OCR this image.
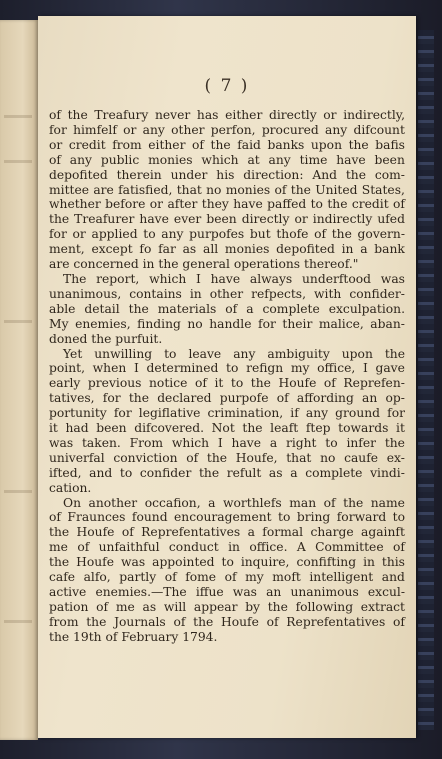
( 7 )
of the Treafury never has either directly or indirectly,
for himfelf or any other perfon, procured any difcount
or credit from either of the faid banks upon the bafis
of any public monies which at any time have been
depofited therein under his direction: And the com-
mittee are fatisfied, that no monies of the United States,
whether before or after they have paffed to the credit of
the Treafurer have ever been directly or indirectly ufed
for or applied to any purpofes but thofe of the govern-
ment, except fo far as all monies depofited in a bank
are concerned in the general operations thereof."
The report, which I have always underftood was
unanimous, contains in other refpects, with confider-
able detail the materials of a complete exculpation.
My enemies, finding no handle for their malice, aban-
doned the purfuit.
Yet unwilling to leave any ambiguity upon the
point, when I determined to refign my office, I gave
early previous notice of it to the Houfe of Reprefen-
tatives, for the declared purpofe of affording an op-
portunity for legiflative crimination, if any ground for
it had been difcovered. Not the leaft ftep towards it
was taken. From which I have a right to infer the
univerfal conviction of the Houfe, that no caufe ex-
ifted, and to confider the refult as a complete vindi-
cation.
On another occafion, a worthlefs man of the name
of Fraunces found encouragement to bring forward to
the Houfe of Reprefentatives a formal charge againft
me of unfaithful conduct in office. A Committee of
the Houfe was appointed to inquire, confifting in this
cafe alfo, partly of fome of my moft intelligent and
active enemies.—The iffue was an unanimous excul-
pation of me as will appear by the following extract
from the Journals of the Houfe of Reprefentatives of
the 19th of February 1794.
